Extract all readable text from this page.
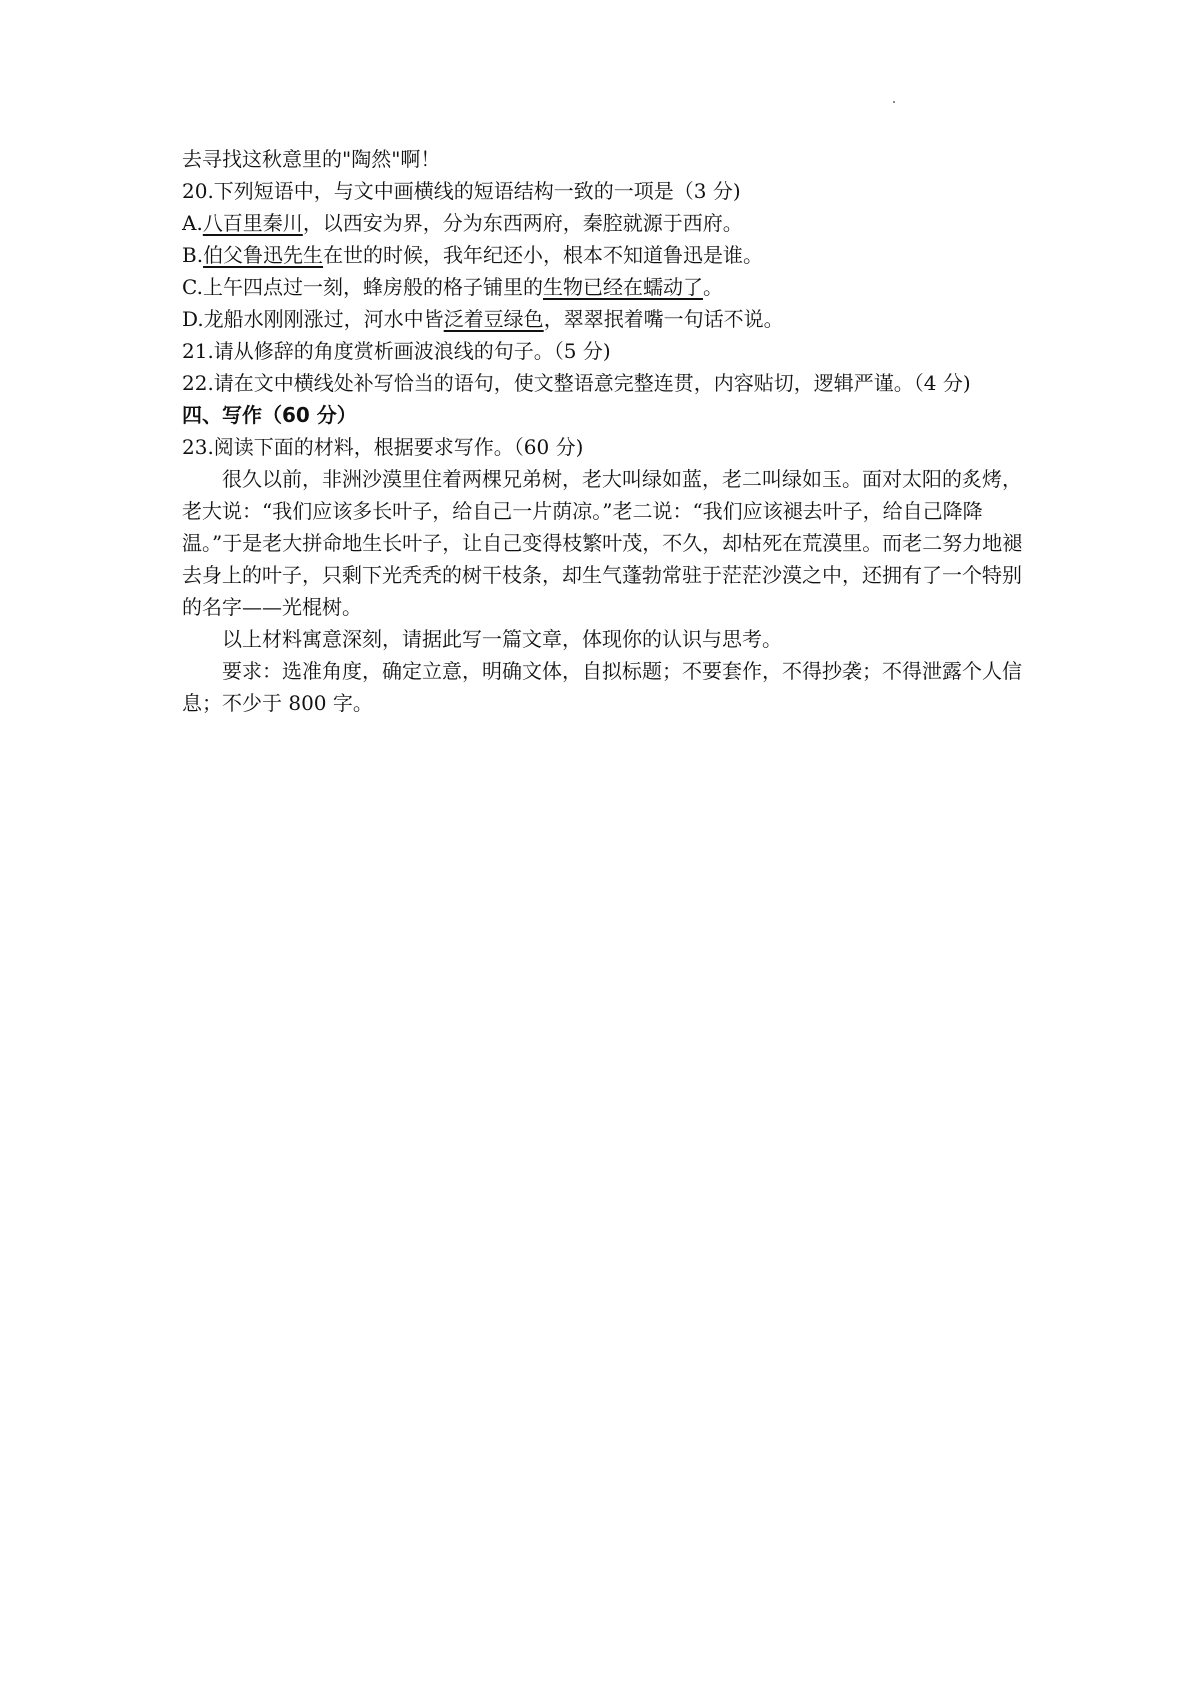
去寻找这秋意里的"陶然"啊！
20.下列短语中，与文中画横线的短语结构一致的一项是（3 分)
A.八百里秦川，以西安为界，分为东西两府，秦腔就源于西府。
B.伯父鲁迅先生在世的时候，我年纪还小，根本不知道鲁迅是谁。
C.上午四点过一刻，蜂房般的格子铺里的生物已经在蠕动了。
D.龙船水刚刚涨过，河水中皆泛着豆绿色，翠翠抿着嘴一句话不说。
21.请从修辞的角度赏析画波浪线的句子。（5 分)
22.请在文中横线处补写恰当的语句，使文整语意完整连贯，内容贴切，逻辑严谨。（4 分)
四、写作（60 分）
23.阅读下面的材料，根据要求写作。（60 分)
很久以前，非洲沙漠里住着两棵兄弟树，老大叫绿如蓝，老二叫绿如玉。面对太阳的炙烤，老大说：“我们应该多长叶子，给自己一片荫凉。”老二说：“我们应该褪去叶子，给自己降降温。”于是老大拼命地生长叶子，让自己变得枝繁叶茂，不久，却枯死在荒漠里。而老二努力地褪去身上的叶子，只剩下光秃秃的树干枝条，却生气蓬勃常驻于茫茫沙漠之中，还拥有了一个特别的名字——光棍树。
以上材料寓意深刻，请据此写一篇文章，体现你的认识与思考。
要求：选准角度，确定立意，明确文体，自拟标题；不要套作，不得抄袭；不得泄露个人信息；不少于 800 字。
